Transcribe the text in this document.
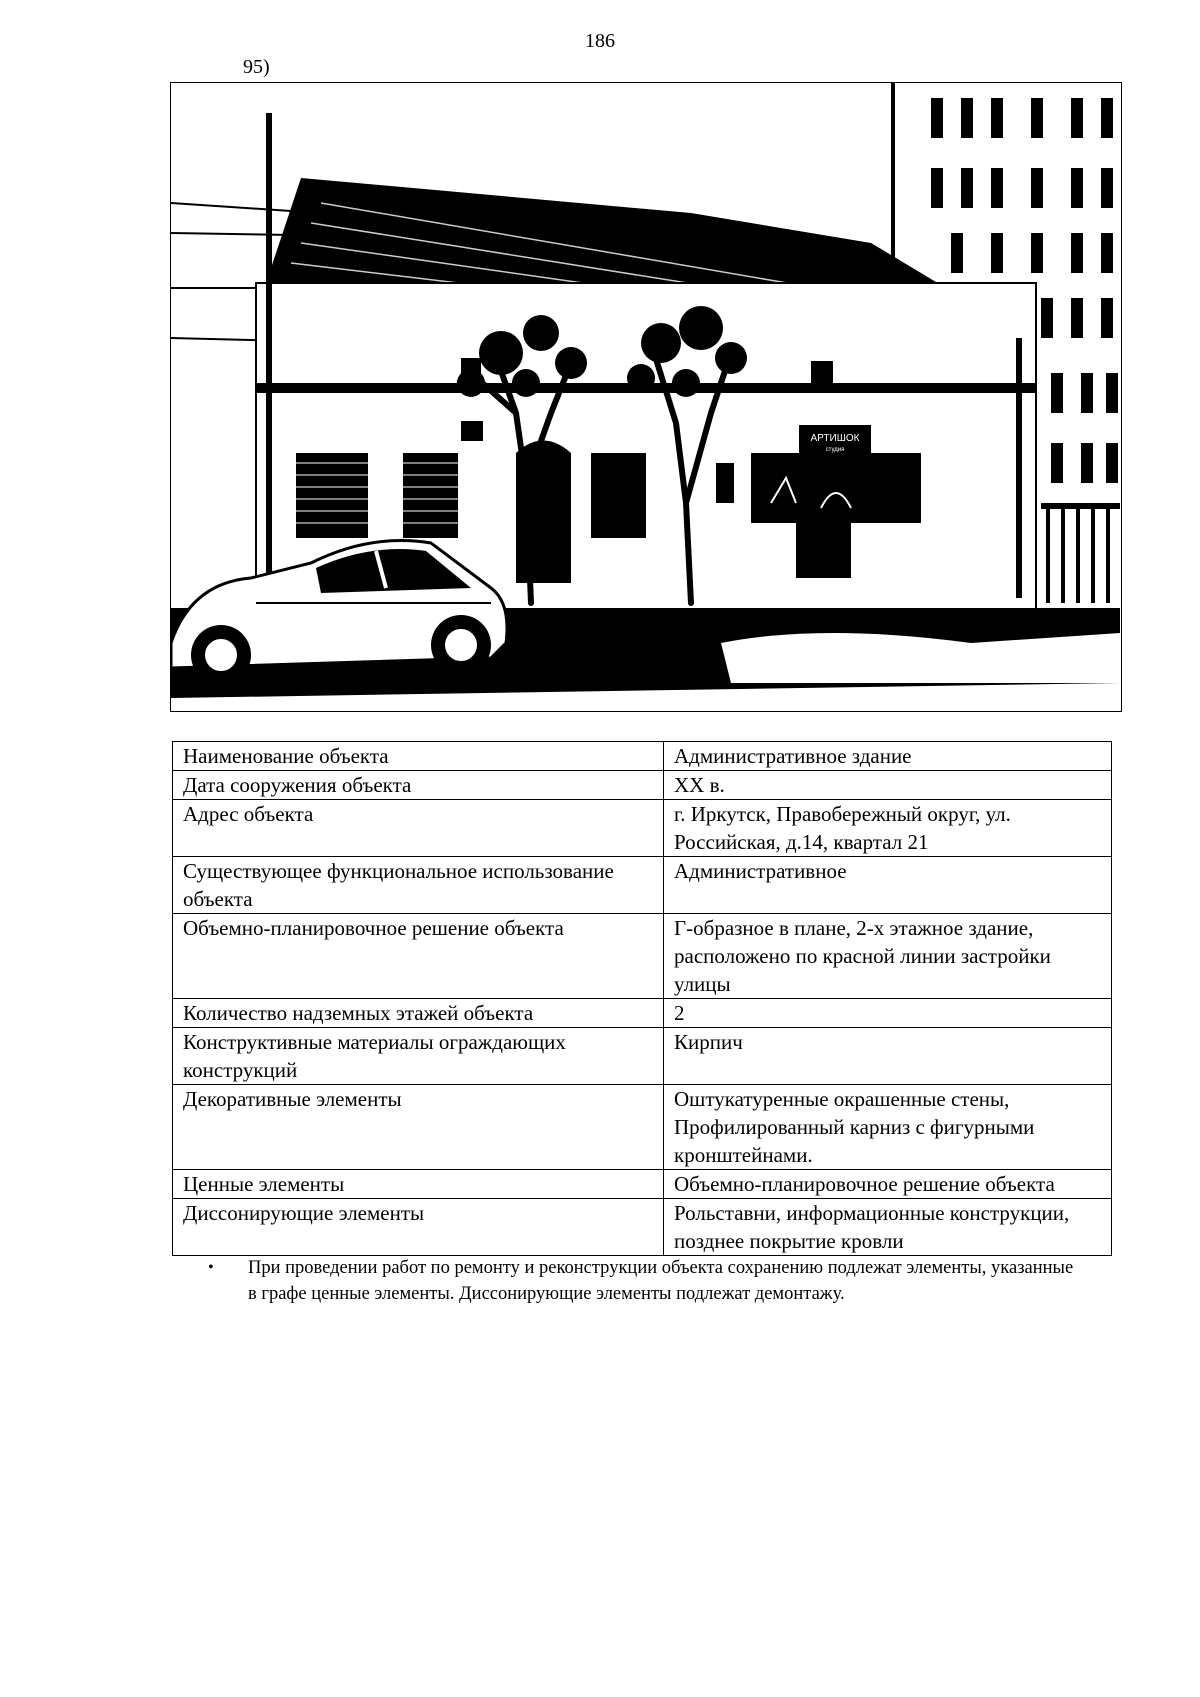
186
95)
АРТИШОК
студия
Наименование объекта	Административное здание
Дата сооружения объекта	XX в.
Адрес объекта	г. Иркутск, Правобережный округ, ул. Российская, д.14, квартал 21
Существующее функциональное использование объекта	Административное
Объемно-планировочное решение объекта	Г-образное в плане, 2-х этажное здание, расположено по красной линии застройки улицы
Количество надземных этажей объекта	2
Конструктивные материалы ограждающих конструкций	Кирпич
Декоративные элементы	Оштукатуренные окрашенные стены, Профилированный карниз с фигурными кронштейнами.
Ценные элементы	Объемно-планировочное решение объекта
Диссонирующие элементы	Рольставни, информационные конструкции, позднее покрытие кровли
•	При проведении работ по ремонту и реконструкции объекта сохранению подлежат элементы, указанные в графе ценные элементы. Диссонирующие элементы подлежат демонтажу.
